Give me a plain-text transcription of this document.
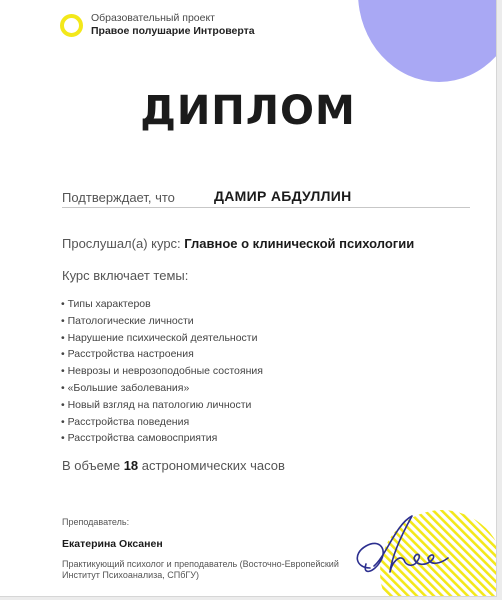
Образовательный проект
Правое полушарие Интроверта
ДИПЛОМ
Подтверждает, что	ДАМИР АБДУЛЛИН
Прослушал(а) курс: Главное о клинической психологии
Курс включает темы:
• Типы характеров
• Патологические личности
• Нарушение психической деятельности
• Расстройства настроения
• Неврозы и неврозоподобные состояния
• «Большие заболевания»
• Новый взгляд на патологию личности
• Расстройства поведения
• Расстройства самовосприятия
В объеме 18 астрономических часов
Преподаватель:
Екатерина Оксанен
Практикующий психолог и преподаватель (Восточно-Европейский Институт Психоанализа, СПбГУ)
